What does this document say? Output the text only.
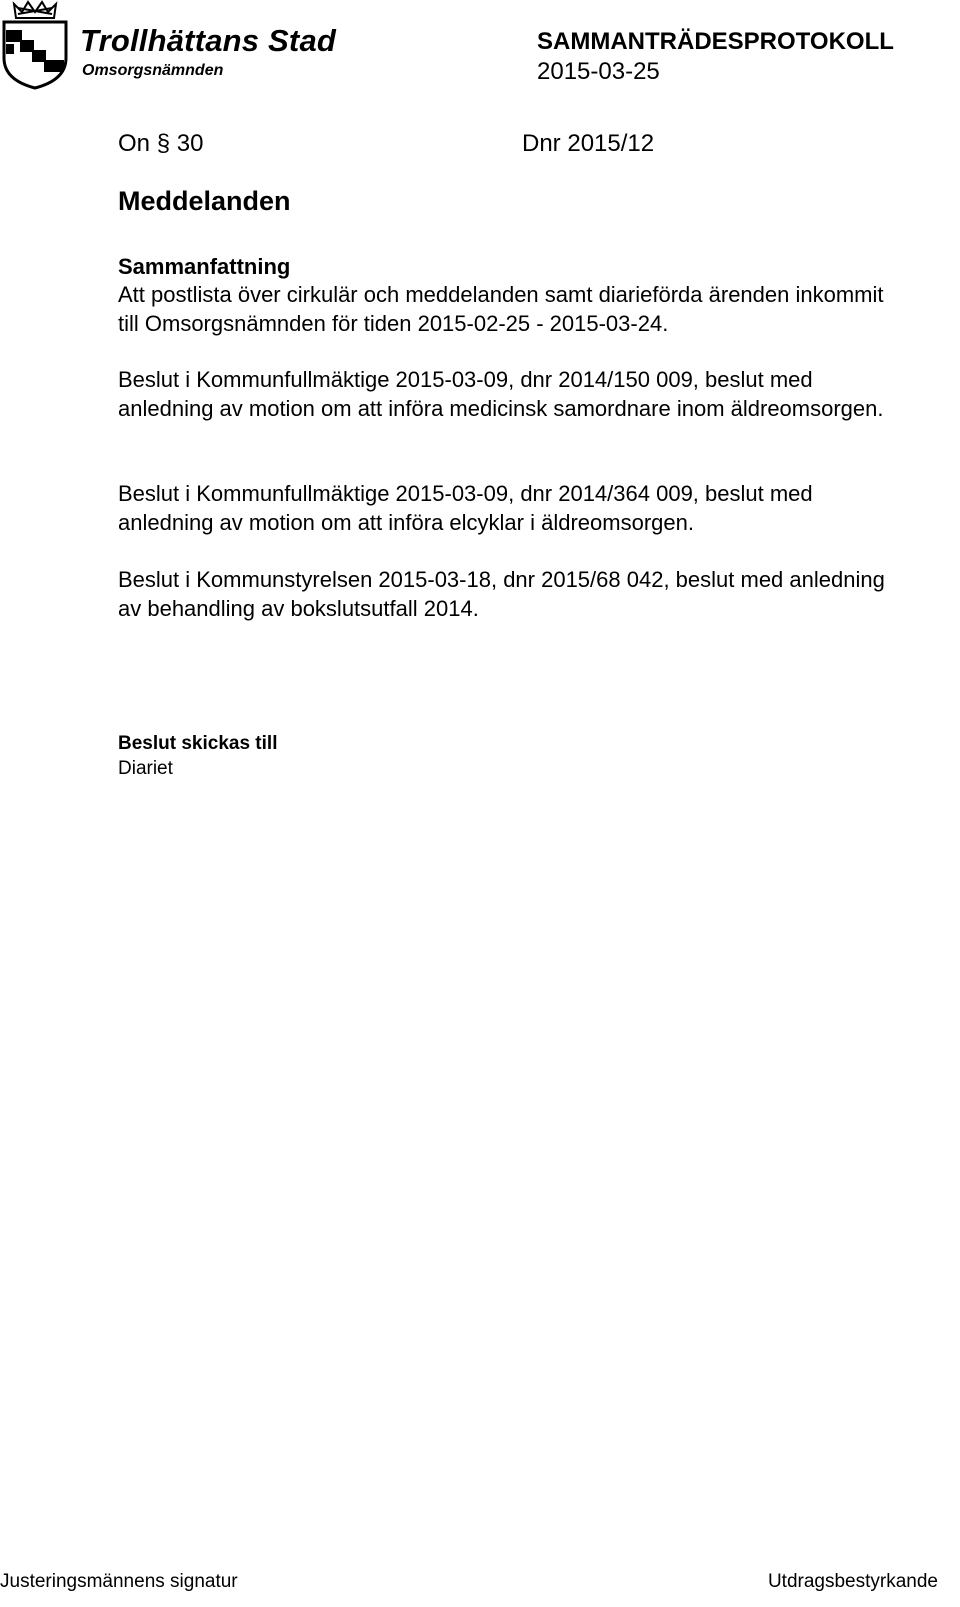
Trollhättans Stad
Omsorgsnämnden
SAMMANTRÄDESPROTOKOLL
2015-03-25
On § 30	Dnr 2015/12
Meddelanden
Sammanfattning
Att postlista över cirkulär och meddelanden samt diarieförda ärenden inkommit till Omsorgsnämnden för tiden 2015-02-25 - 2015-03-24.
Beslut i Kommunfullmäktige 2015-03-09, dnr 2014/150 009, beslut med anledning av motion om att införa medicinsk samordnare inom äldreomsorgen.
Beslut i Kommunfullmäktige 2015-03-09, dnr 2014/364 009, beslut med anledning av motion om att införa elcyklar i äldreomsorgen.
Beslut i Kommunstyrelsen 2015-03-18, dnr 2015/68 042, beslut med anledning av behandling av bokslutsutfall 2014.
Beslut skickas till
Diariet
Justeringsmännens signatur	Utdragsbestyrkande
